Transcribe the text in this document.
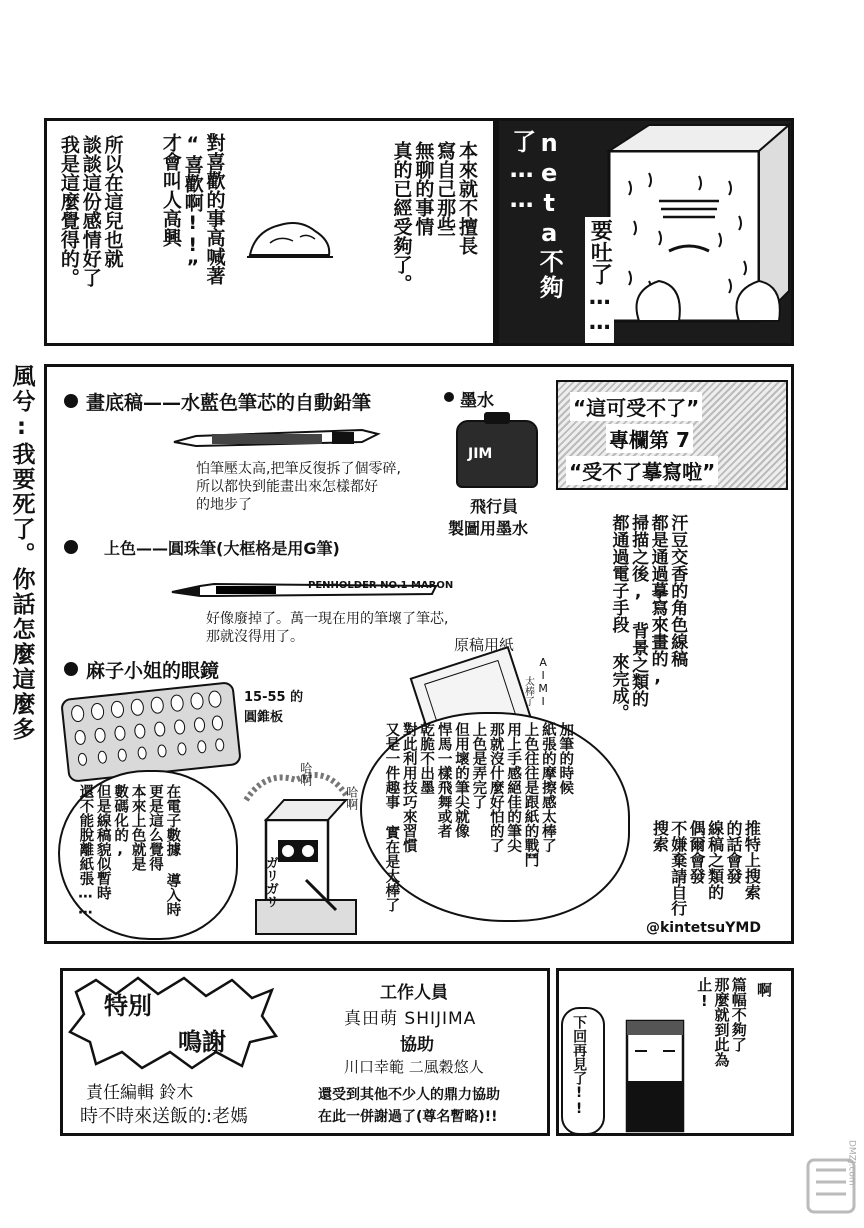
本來就不擅長 寫自己那些 無聊的事情 真的已經受夠了。
對喜歡的事高喊著 “喜歡啊!!” 才會叫人高興
所以在這兒也就 談談這份感情好了 我是這麼覺得的。	neta不夠了……
要吐了……
風兮:我要死了。你話怎麼這麼多	“這可受不了”
專欄第 7
“受不了摹寫啦”
畫底稿——水藍色筆芯的自動鉛筆
怕筆壓太高,把筆反復拆了個零碎,
所以都快到能畫出來怎樣都好
的地步了
墨水
JIM
飛行員
製圖用墨水
上色——圓珠筆(大框格是用G筆)
PENHOLDER NO.1 MARON
好像廢掉了。萬一現在用的筆壞了筆芯,
那就沒得用了。	汗豆交香的角色線稿 都是通過摹寫來畫的, 掃描之後, 背景之類的 都通過電子手段 來完成。
麻子小姐的眼鏡
15-55 的
圓錐板
原稿用紙
AIMI
太棒了
加筆的時候 紙張的摩擦感太棒了 上色往往是跟紙的戰鬥 用上手感絕佳的筆尖 那就沒什麼好怕的了 上色是弄完了 但用壞的筆尖就像 悍馬一樣飛舞或者 乾脆不出墨 對此利用技巧來習慣 又是一件趣事 實在是太棒了
在電子數據 導入時 更是這么覺得 本來上色就是 數碼化的, 但是線稿貌似暫時 還不能脫離紙張……
哈啊
哈啊
ガリガリ	推特上搜索 的話會發 線稿之類的 偶爾會發 不嫌棄請自行搜索
@kintetsuYMD
特別
鳴謝
責任編輯 鈴木
時不時來送飯的:老媽
工作人員
真田萌 SHIJIMA
協助
川口幸範 二風穀悠人
還受到其他不少人的鼎力協助
在此一併謝過了(尊名暫略)!!
啊
篇幅不夠了 那麼就到此為止!
下回再見了!!
DMZJ.com
